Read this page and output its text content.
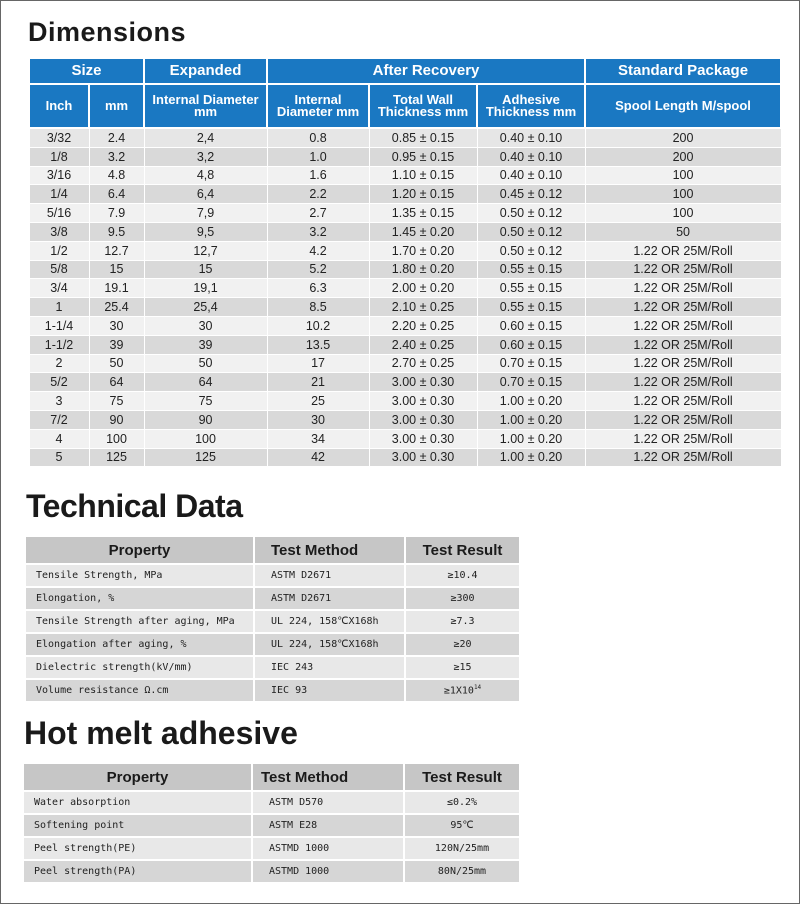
Dimensions
Size		Expanded	After Recovery			Standard Package
Inch	mm	Internal Diameter mm	Internal Diameter mm	Total Wall Thickness mm	Adhesive Thickness mm	Spool Length M/spool
3/32	2.4	2,4	0.8	0.85 ± 0.15	0.40 ± 0.10	200
1/8	3.2	3,2	1.0	0.95 ± 0.15	0.40 ± 0.10	200
3/16	4.8	4,8	1.6	1.10 ± 0.15	0.40 ± 0.10	100
1/4	6.4	6,4	2.2	1.20 ± 0.15	0.45 ± 0.12	100
5/16	7.9	7,9	2.7	1.35 ± 0.15	0.50 ± 0.12	100
3/8	9.5	9,5	3.2	1.45 ± 0.20	0.50 ± 0.12	50
1/2	12.7	12,7	4.2	1.70 ± 0.20	0.50 ± 0.12	1.22 OR 25M/Roll
5/8	15	15	5.2	1.80 ± 0.20	0.55 ± 0.15	1.22 OR 25M/Roll
3/4	19.1	19,1	6.3	2.00 ± 0.20	0.55 ± 0.15	1.22 OR 25M/Roll
1	25.4	25,4	8.5	2.10 ± 0.25	0.55 ± 0.15	1.22 OR 25M/Roll
1-1/4	30	30	10.2	2.20 ± 0.25	0.60 ± 0.15	1.22 OR 25M/Roll
1-1/2	39	39	13.5	2.40 ± 0.25	0.60 ± 0.15	1.22 OR 25M/Roll
2	50	50	17	2.70 ± 0.25	0.70 ± 0.15	1.22 OR 25M/Roll
5/2	64	64	21	3.00 ± 0.30	0.70 ± 0.15	1.22 OR 25M/Roll
3	75	75	25	3.00 ± 0.30	1.00 ± 0.20	1.22 OR 25M/Roll
7/2	90	90	30	3.00 ± 0.30	1.00 ± 0.20	1.22 OR 25M/Roll
4	100	100	34	3.00 ± 0.30	1.00 ± 0.20	1.22 OR 25M/Roll
5	125	125	42	3.00 ± 0.30	1.00 ± 0.20	1.22 OR 25M/Roll
Technical Data
Property	Test Method	Test Result
Tensile Strength, MPa	ASTM D2671	≥10.4
Elongation, %	ASTM D2671	≥300
Tensile Strength after aging, MPa	UL 224, 158℃X168h	≥7.3
Elongation after aging, %	UL 224, 158℃X168h	≥20
Dielectric strength(kV/mm)	IEC 243	≥15
Volume resistance Ω.cm	IEC 93	$\ge 1X10^{14}$
Hot melt adhesive
Property	Test Method	Test Result
Water absorption	ASTM D570	≤0.2%
Softening point	ASTM E28	95℃
Peel strength(PE)	ASTMD 1000	120N/25mm
Peel strength(PA)	ASTMD 1000	80N/25mm
